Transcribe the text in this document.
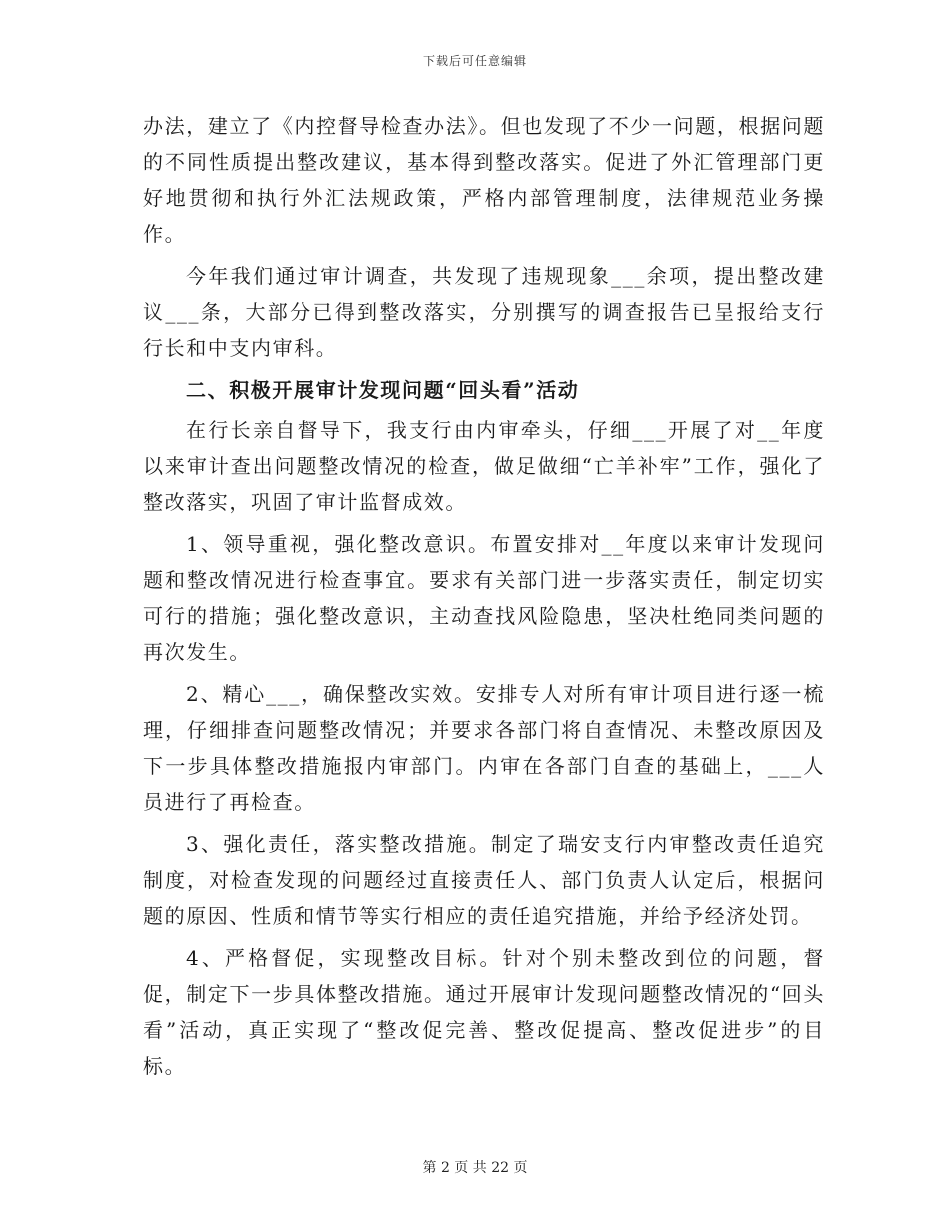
下载后可任意编辑

办法，建立了《内控督导检查办法》。但也发现了不少一问题，根据问题的不同性质提出整改建议，基本得到整改落实。促进了外汇管理部门更好地贯彻和执行外汇法规政策，严格内部管理制度，法律规范业务操作。

今年我们通过审计调查，共发现了违规现象___余项，提出整改建议___条，大部分已得到整改落实，分别撰写的调查报告已呈报给支行行长和中支内审科。

二、积极开展审计发现问题“回头看”活动

在行长亲自督导下，我支行由内审牵头，仔细___开展了对__年度以来审计查出问题整改情况的检查，做足做细“亡羊补牢”工作，强化了整改落实，巩固了审计监督成效。

1、领导重视，强化整改意识。布置安排对__年度以来审计发现问题和整改情况进行检查事宜。要求有关部门进一步落实责任，制定切实可行的措施；强化整改意识，主动查找风险隐患，坚决杜绝同类问题的再次发生。

2、精心___，确保整改实效。安排专人对所有审计项目进行逐一梳理，仔细排查问题整改情况；并要求各部门将自查情况、未整改原因及下一步具体整改措施报内审部门。内审在各部门自查的基础上，___人员进行了再检查。

3、强化责任，落实整改措施。制定了瑞安支行内审整改责任追究制度，对检查发现的问题经过直接责任人、部门负责人认定后，根据问题的原因、性质和情节等实行相应的责任追究措施，并给予经济处罚。

4、严格督促，实现整改目标。针对个别未整改到位的问题，督促，制定下一步具体整改措施。通过开展审计发现问题整改情况的“回头看”活动，真正实现了“整改促完善、整改促提高、整改促进步”的目标。

第 2 页 共 22 页
